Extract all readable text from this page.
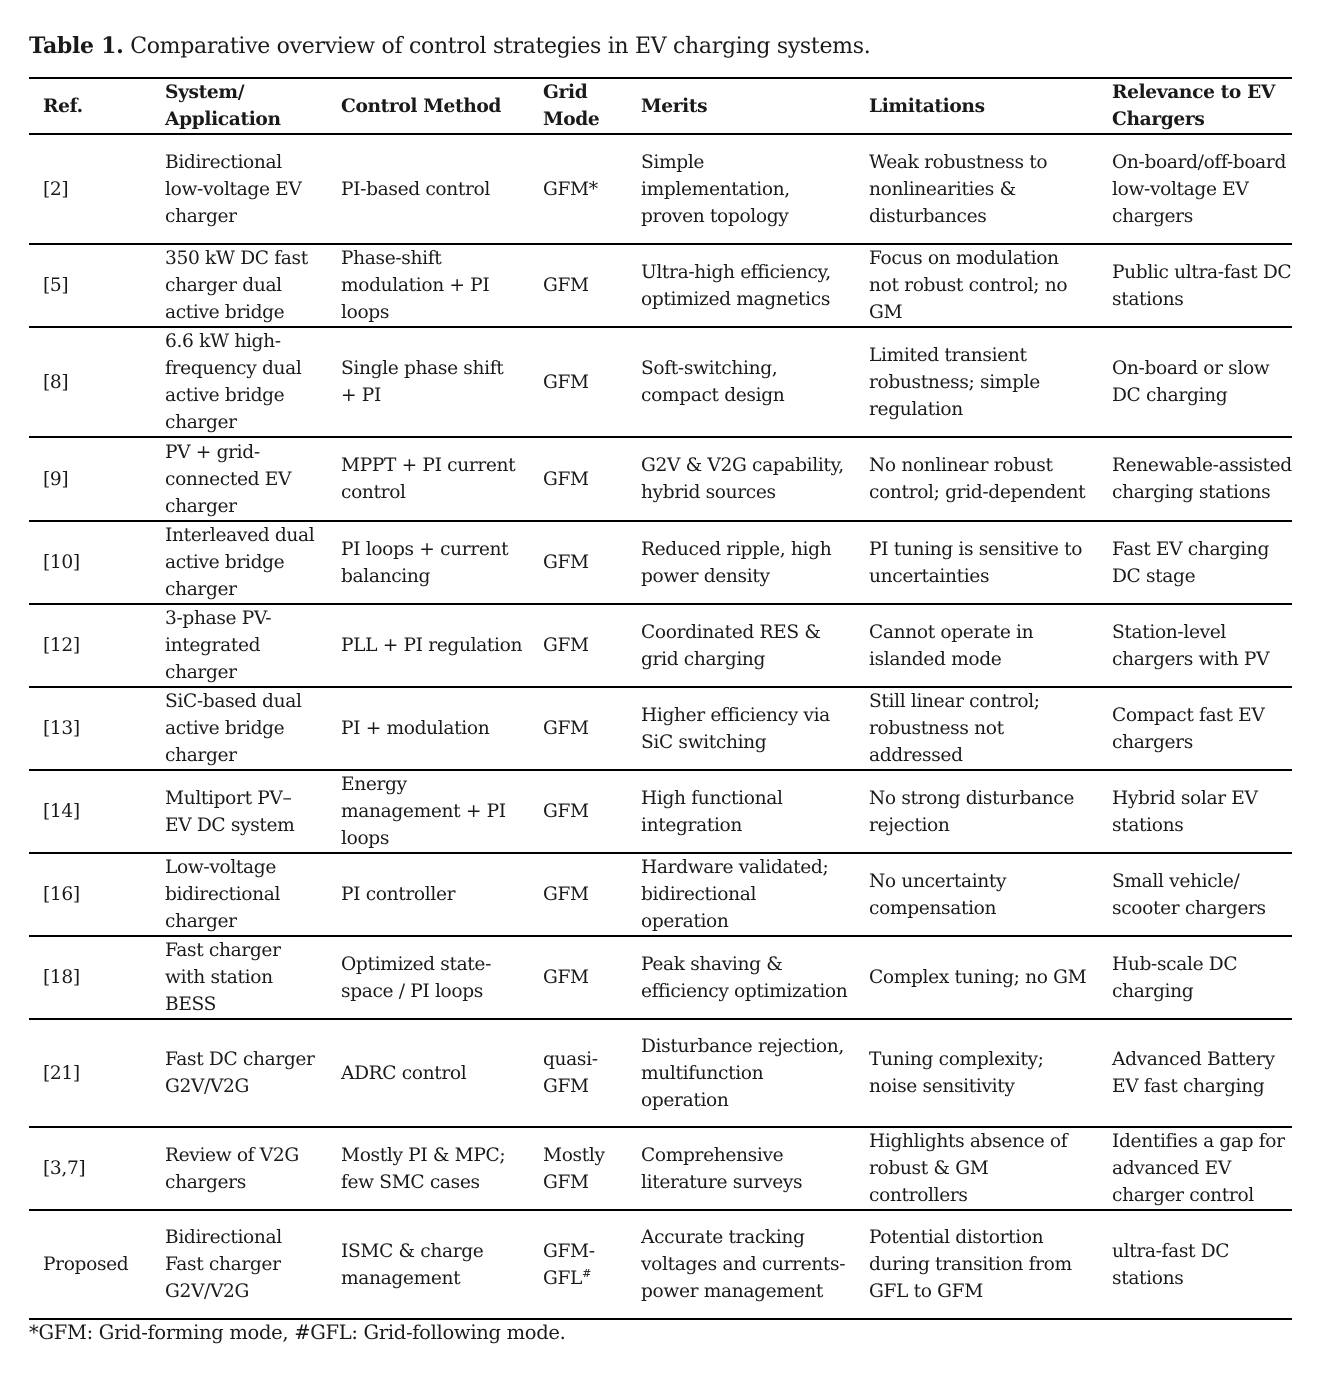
Table 1. Comparative overview of control strategies in EV charging systems.
Ref.	System/ Application	Control Method	Grid Mode	Merits	Limitations	Relevance to EV Chargers
[2]	Bidirectional low-voltage EV charger	PI-based control	GFM*	Simple implementation, proven topology	Weak robustness to nonlinearities & disturbances	On-board/off-board low-voltage EV chargers
[5]	350 kW DC fast charger dual active bridge	Phase-shift modulation + PI loops	GFM	Ultra-high efficiency, optimized magnetics	Focus on modulation not robust control; no GM	Public ultra-fast DC stations
[8]	6.6 kW high-frequency dual active bridge charger	Single phase shift + PI	GFM	Soft-switching, compact design	Limited transient robustness; simple regulation	On-board or slow DC charging
[9]	PV + grid-connected EV charger	MPPT + PI current control	GFM	G2V & V2G capability, hybrid sources	No nonlinear robust control; grid-dependent	Renewable-assisted charging stations
[10]	Interleaved dual active bridge charger	PI loops + current balancing	GFM	Reduced ripple, high power density	PI tuning is sensitive to uncertainties	Fast EV charging DC stage
[12]	3-phase PV-integrated charger	PLL + PI regulation	GFM	Coordinated RES & grid charging	Cannot operate in islanded mode	Station-level chargers with PV
[13]	SiC-based dual active bridge charger	PI + modulation	GFM	Higher efficiency via SiC switching	Still linear control; robustness not addressed	Compact fast EV chargers
[14]	Multiport PV–EV DC system	Energy management + PI loops	GFM	High functional integration	No strong disturbance rejection	Hybrid solar EV stations
[16]	Low-voltage bidirectional charger	PI controller	GFM	Hardware validated; bidirectional operation	No uncertainty compensation	Small vehicle/ scooter chargers
[18]	Fast charger with station BESS	Optimized state-space / PI loops	GFM	Peak shaving & efficiency optimization	Complex tuning; no GM	Hub-scale DC charging
[21]	Fast DC charger G2V/V2G	ADRC control	quasi-GFM	Disturbance rejection, multifunction operation	Tuning complexity; noise sensitivity	Advanced Battery EV fast charging
[3,7]	Review of V2G chargers	Mostly PI & MPC; few SMC cases	Mostly GFM	Comprehensive literature surveys	Highlights absence of robust & GM controllers	Identifies a gap for advanced EV charger control
Proposed	Bidirectional Fast charger G2V/V2G	ISMC & charge management	GFM-GFL#	Accurate tracking voltages and currents- power management	Potential distortion during transition from GFL to GFM	ultra-fast DC stations
*GFM: Grid-forming mode, #GFL: Grid-following mode.
